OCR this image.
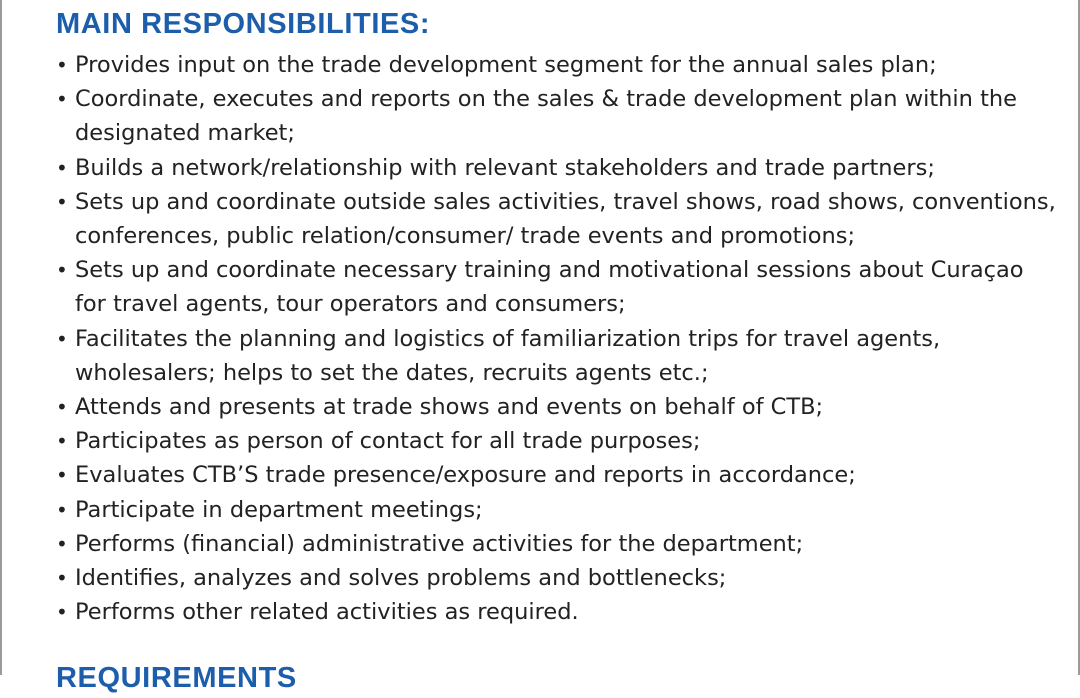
MAIN RESPONSIBILITIES:
• Provides input on the trade development segment for the annual sales plan;
• Coordinate, executes and reports on the sales & trade development plan within the designated market;
• Builds a network/relationship with relevant stakeholders and trade partners;
• Sets up and coordinate outside sales activities, travel shows, road shows, conventions, conferences, public relation/consumer/ trade events and promotions;
• Sets up and coordinate necessary training and motivational sessions about Curaçao for travel agents, tour operators and consumers;
• Facilitates the planning and logistics of familiarization trips for travel agents, wholesalers; helps to set the dates, recruits agents etc.;
• Attends and presents at trade shows and events on behalf of CTB;
• Participates as person of contact for all trade purposes;
• Evaluates CTB’S trade presence/exposure and reports in accordance;
• Participate in department meetings;
• Performs (financial) administrative activities for the department;
• Identifies, analyzes and solves problems and bottlenecks;
• Performs other related activities as required.
REQUIREMENTS
